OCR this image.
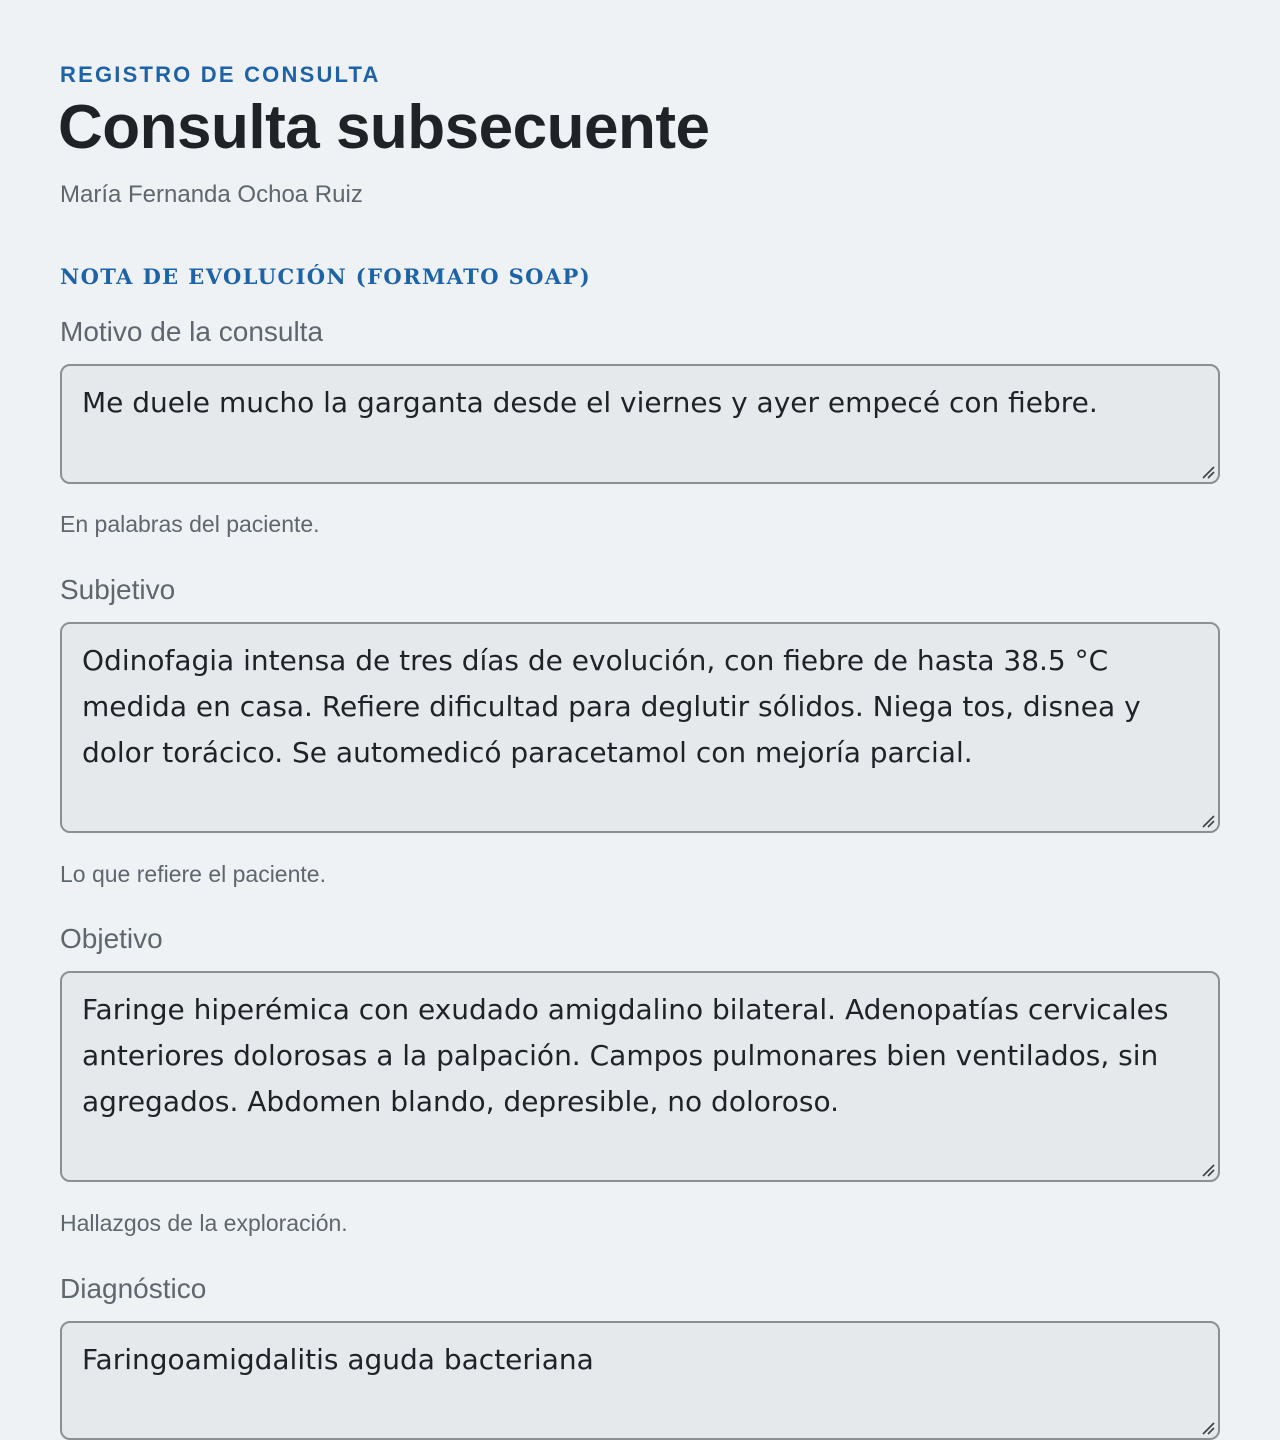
REGISTRO DE CONSULTA
Consulta subsecuente
María Fernanda Ochoa Ruiz
NOTA DE EVOLUCIÓN (FORMATO SOAP)
Motivo de la consulta
Me duele mucho la garganta desde el viernes y ayer empecé con fiebre.
En palabras del paciente.
Subjetivo
Odinofagia intensa de tres días de evolución, con fiebre de hasta 38.5 °C medida en casa. Refiere dificultad para deglutir sólidos. Niega tos, disnea y dolor torácico. Se automedicó paracetamol con mejoría parcial.
Lo que refiere el paciente.
Objetivo
Faringe hiperémica con exudado amigdalino bilateral. Adenopatías cervicales anteriores dolorosas a la palpación. Campos pulmonares bien ventilados, sin agregados. Abdomen blando, depresible, no doloroso.
Hallazgos de la exploración.
Diagnóstico
Faringoamigdalitis aguda bacteriana
